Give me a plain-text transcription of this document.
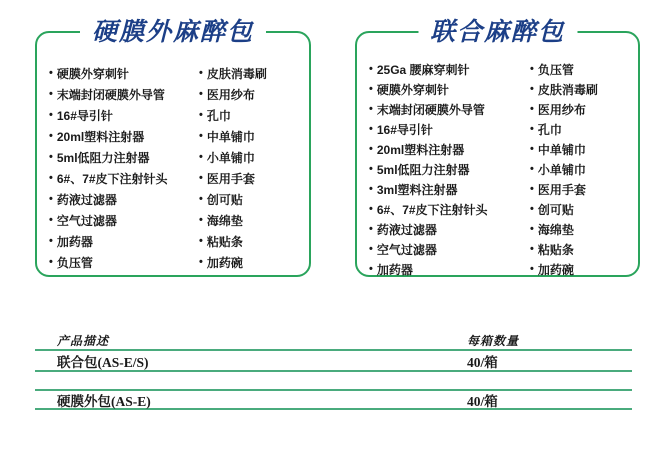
硬膜外麻醉包
• 硬膜外穿刺针
• 末端封闭硬膜外导管
• 16#导引针
• 20ml塑料注射器
• 5ml低阻力注射器
• 6#、7#皮下注射针头
• 药液过滤器
• 空气过滤器
• 加药器
• 负压管
• 皮肤消毒刷
• 医用纱布
• 孔巾
• 中单铺巾
• 小单铺巾
• 医用手套
• 创可贴
• 海绵垫
• 粘贴条
• 加药碗
联合麻醉包
• 25Ga 腰麻穿刺针
• 硬膜外穿刺针
• 末端封闭硬膜外导管
• 16#导引针
• 20ml塑料注射器
• 5ml低阻力注射器
• 3ml塑料注射器
• 6#、7#皮下注射针头
• 药液过滤器
• 空气过滤器
• 加药器
• 负压管
• 皮肤消毒刷
• 医用纱布
• 孔巾
• 中单铺巾
• 小单铺巾
• 医用手套
• 创可贴
• 海绵垫
• 粘贴条
• 加药碗
产品描述	每箱数量
联合包(AS-E/S)	40/箱
硬膜外包(AS-E)	40/箱
